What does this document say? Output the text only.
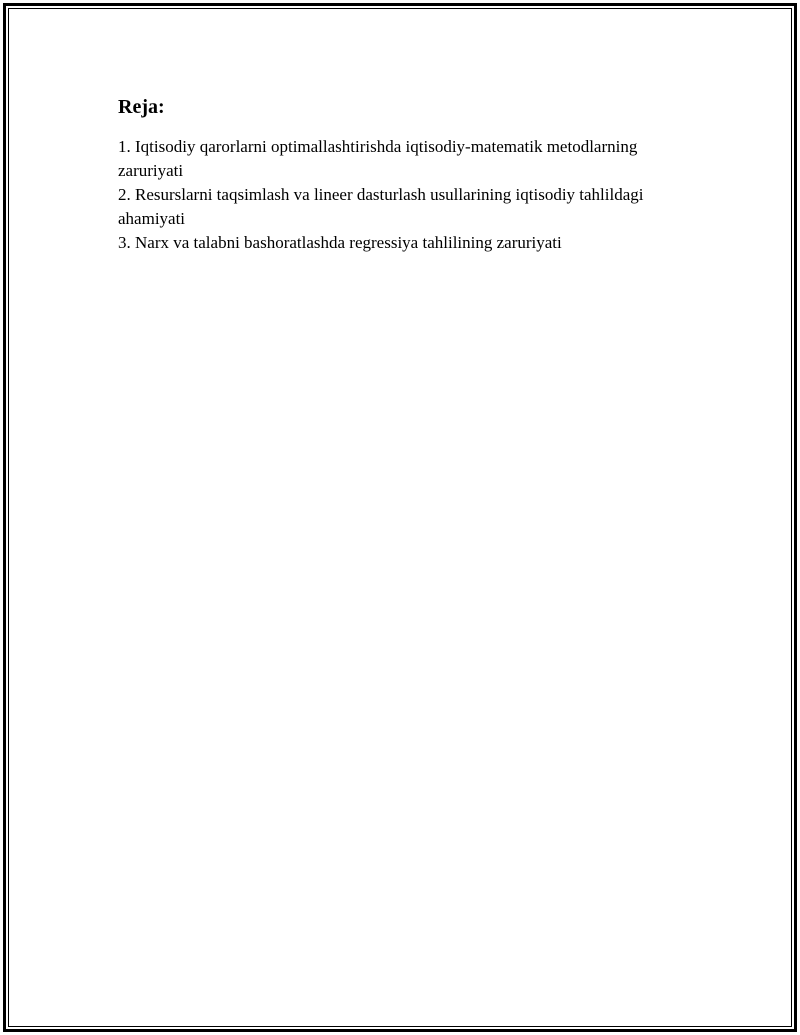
Reja:
1. Iqtisodiy qarorlarni optimallashtirishda iqtisodiy-matematik metodlarning zaruriyati
2. Resurslarni taqsimlash va lineer dasturlash usullarining iqtisodiy tahlildagi ahamiyati
3. Narx va talabni bashoratlashda regressiya tahlilining zaruriyati
